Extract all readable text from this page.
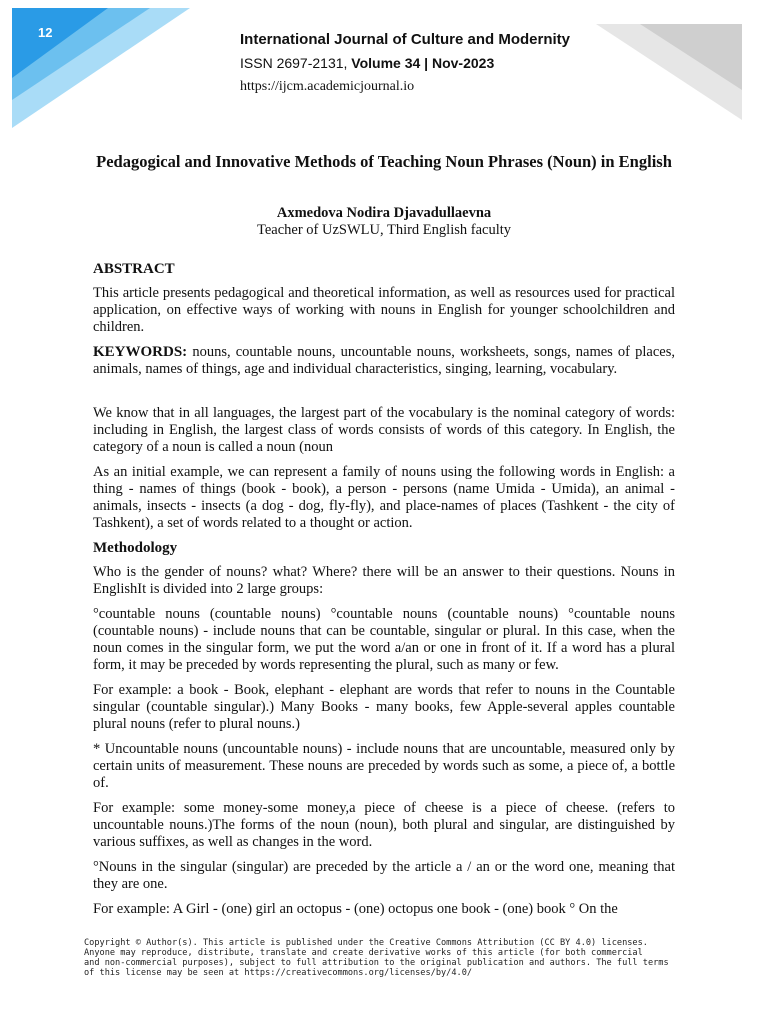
12	International Journal of Culture and Modernity
ISSN 2697-2131, Volume 34 | Nov-2023
https://ijcm.academicjournal.io
Pedagogical and Innovative Methods of Teaching Noun Phrases (Noun) in English
Axmedova Nodira Djavadullaevna
Teacher of UzSWLU, Third English faculty

ABSTRACT

This article presents pedagogical and theoretical information, as well as resources used for practical application, on effective ways of working with nouns in English for younger schoolchildren and children.

KEYWORDS: nouns, countable nouns, uncountable nouns, worksheets, songs, names of places, animals, names of things, age and individual characteristics, singing, learning, vocabulary.

We know that in all languages, the largest part of the vocabulary is the nominal category of words: including in English, the largest class of words consists of words of this category. In English, the category of a noun is called a noun (noun

As an initial example, we can represent a family of nouns using the following words in English: a thing - names of things (book - book), a person - persons (name Umida - Umida), an animal - animals, insects - insects (a dog - dog, fly-fly), and place-names of places (Tashkent - the city of Tashkent), a set of words related to a thought or action.

Methodology

Who is the gender of nouns? what? Where? there will be an answer to their questions. Nouns in EnglishIt is divided into 2 large groups:

°countable nouns (countable nouns) °countable nouns (countable nouns) °countable nouns (countable nouns) - include nouns that can be countable, singular or plural. In this case, when the noun comes in the singular form, we put the word a/an or one in front of it. If a word has a plural form, it may be preceded by words representing the plural, such as many or few.

For example: a book - Book, elephant - elephant are words that refer to nouns in the Countable singular (countable singular).) Many Books - many books, few Apple-several apples countable plural nouns (refer to plural nouns.)

* Uncountable nouns (uncountable nouns) - include nouns that are uncountable, measured only by certain units of measurement. These nouns are preceded by words such as some, a piece of, a bottle of.

For example: some money-some money,a piece of cheese is a piece of cheese. (refers to uncountable nouns.)The forms of the noun (noun), both plural and singular, are distinguished by various suffixes, as well as changes in the word.

°Nouns in the singular (singular) are preceded by the article a / an or the word one, meaning that they are one.

For example: A Girl - (one) girl an octopus - (one) octopus one book - (one) book ° On the

Copyright © Author(s). This article is published under the Creative Commons Attribution (CC BY 4.0) licenses.
Anyone may reproduce, distribute, translate and create derivative works of this article (for both commercial
and non-commercial purposes), subject to full attribution to the original publication and authors. The full terms
of this license may be seen at https://creativecommons.org/licenses/by/4.0/
